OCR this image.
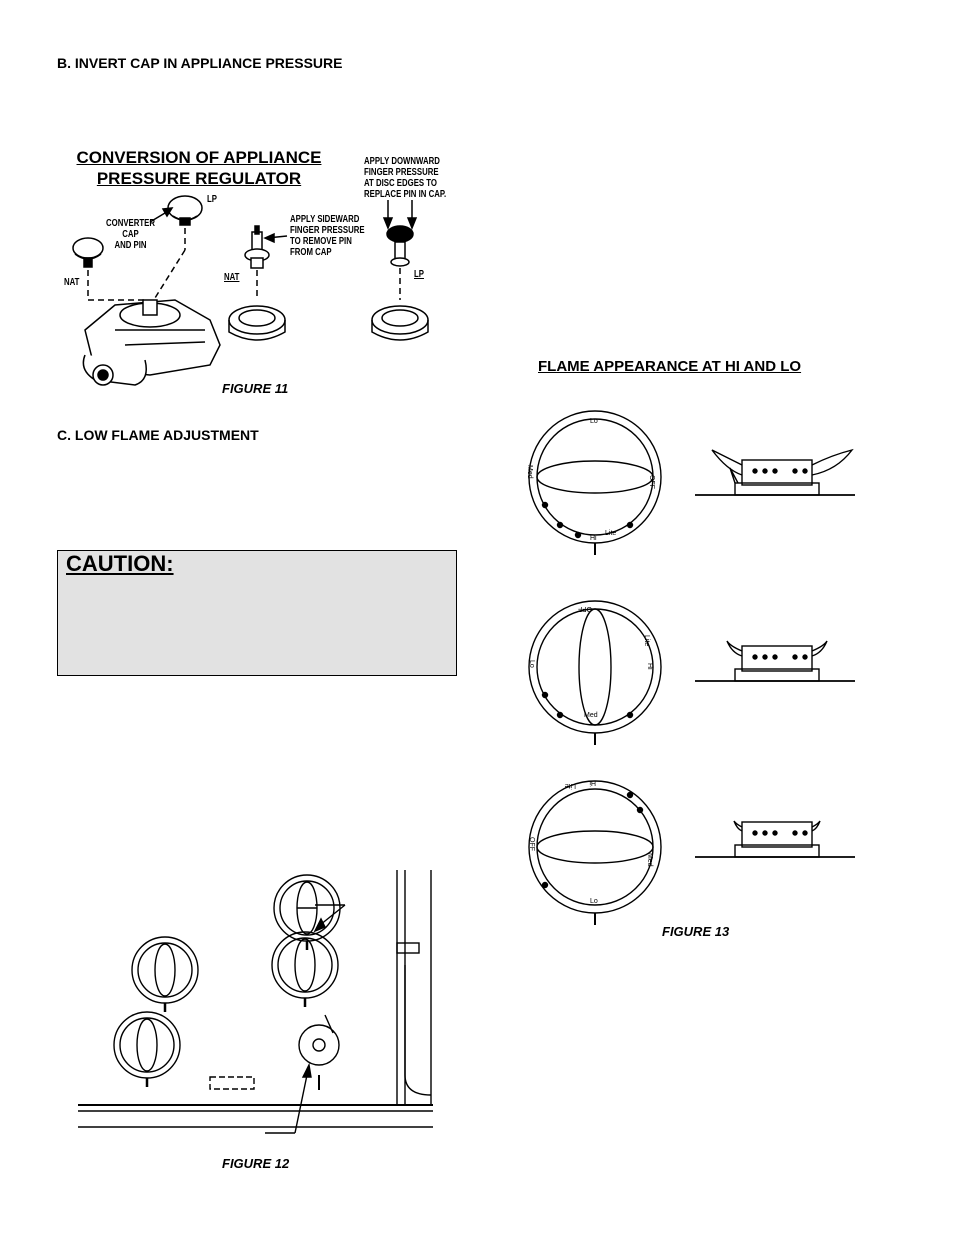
B. INVERT CAP IN APPLIANCE PRESSURE
C. LOW FLAME ADJUSTMENT
CONVERSION OF APPLIANCE
PRESSURE REGULATOR
LP
CONVERTER
CAP
AND PIN
NAT
APPLY SIDEWARD
FINGER PRESSURE
TO REMOVE PIN
FROM CAP
APPLY DOWNWARD
FINGER PRESSURE
AT DISC EDGES TO
REPLACE PIN IN CAP.
NAT	LP
FIGURE 11
CAUTION:
FIGURE 12
FLAME APPEARANCE AT HI AND LO
Lo
Med
OFF
Hi
Lite
OFF
Lo
Lite
Hi
Med
Lite Hi
OFF
Med
Lo
FIGURE 13
